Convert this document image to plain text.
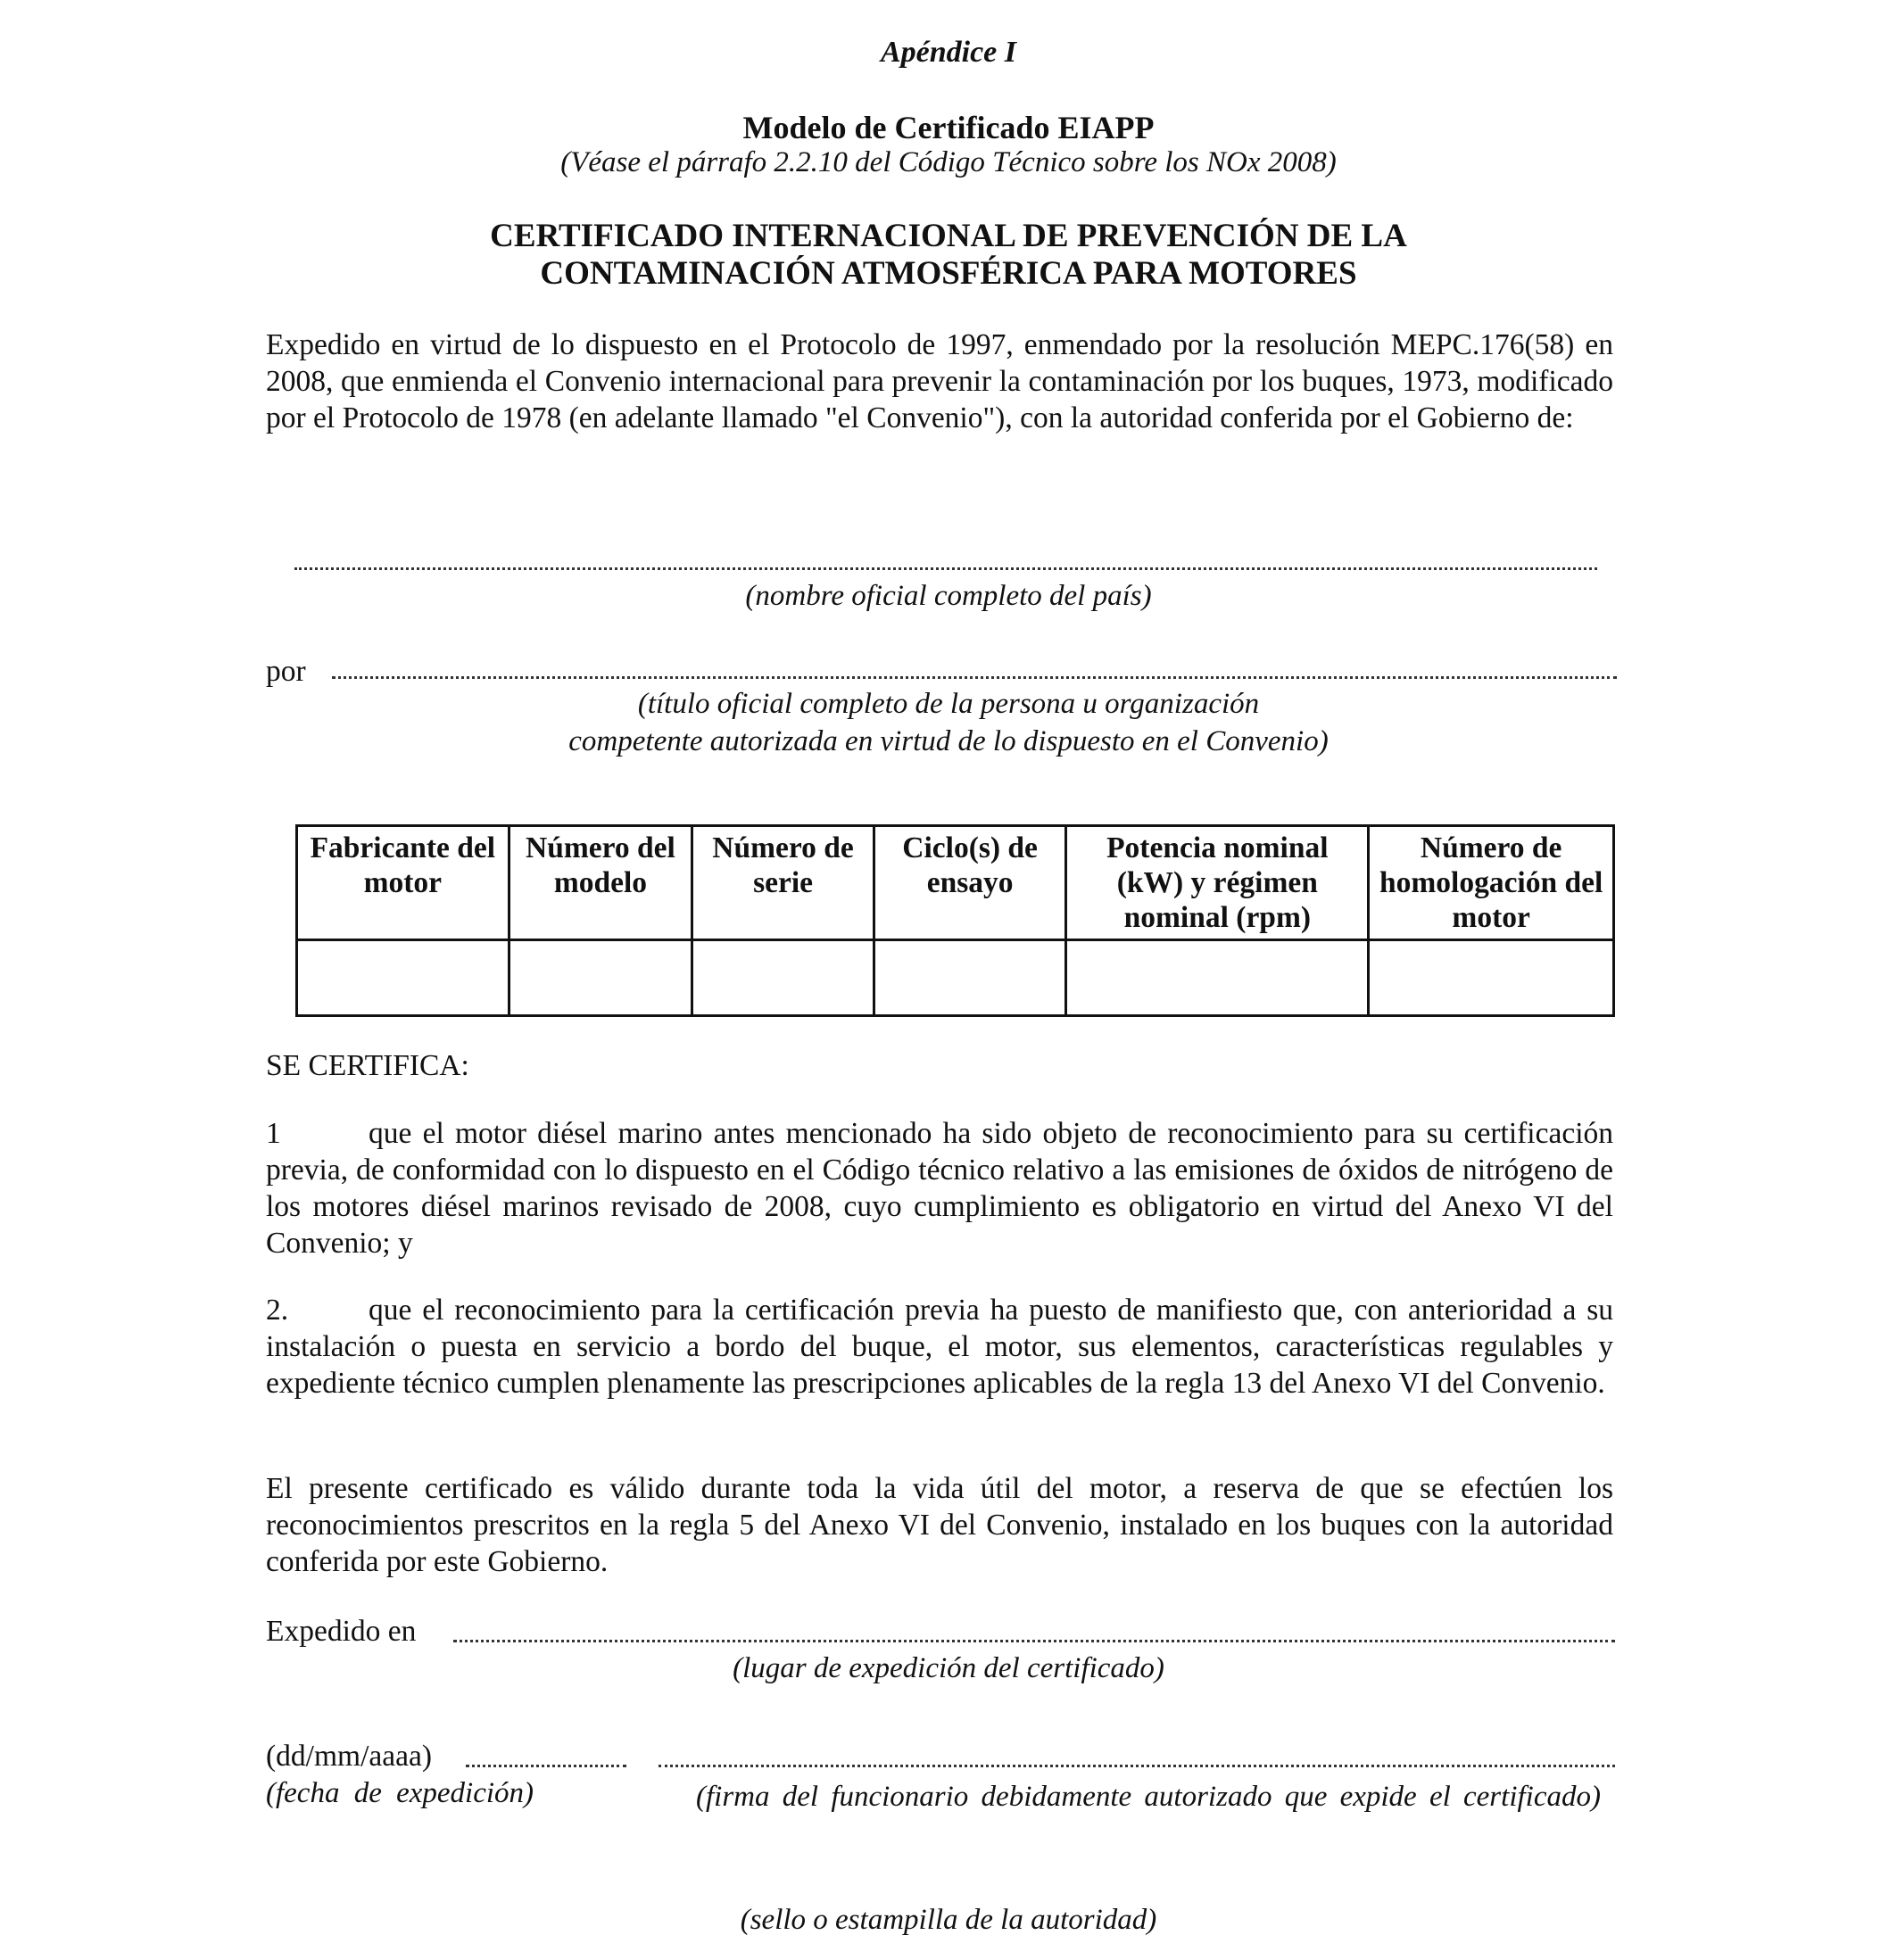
Apéndice I
Modelo de Certificado EIAPP
(Véase el párrafo 2.2.10 del Código Técnico sobre los NOx 2008)
CERTIFICADO INTERNACIONAL DE PREVENCIÓN DE LA
CONTAMINACIÓN ATMOSFÉRICA PARA MOTORES
Expedido en virtud de lo dispuesto en el Protocolo de 1997, enmendado por la resolución MEPC.176(58) en 2008, que enmienda el Convenio internacional para prevenir la contaminación por los buques, 1973, modificado por el Protocolo de 1978 (en adelante llamado "el Convenio"), con la autoridad conferida por el Gobierno de:
(nombre oficial completo del país)
por
(título oficial completo de la persona u organización
competente autorizada en virtud de lo dispuesto en el Convenio)
Fabricante del motor	Número del modelo	Número de serie	Ciclo(s) de ensayo	Potencia nominal (kW) y régimen nominal (rpm)	Número de homologación del motor

SE CERTIFICA:
1	que el motor diésel marino antes mencionado ha sido objeto de reconocimiento para su certificación previa, de conformidad con lo dispuesto en el Código técnico relativo a las emisiones de óxidos de nitrógeno de los motores diésel marinos revisado de 2008, cuyo cumplimiento es obligatorio en virtud del Anexo VI del Convenio; y
2.	que el reconocimiento para la certificación previa ha puesto de manifiesto que, con anterioridad a su instalación o puesta en servicio a bordo del buque, el motor, sus elementos, características regulables y expediente técnico cumplen plenamente las prescripciones aplicables de la regla 13 del Anexo VI del Convenio.
El presente certificado es válido durante toda la vida útil del motor, a reserva de que se efectúen los reconocimientos prescritos en la regla 5 del Anexo VI del Convenio, instalado en los buques con la autoridad conferida por este Gobierno.
Expedido en
(lugar de expedición del certificado)
(dd/mm/aaaa)
(fecha de expedición)	(firma del funcionario debidamente autorizado que expide el certificado)
(sello o estampilla de la autoridad)
